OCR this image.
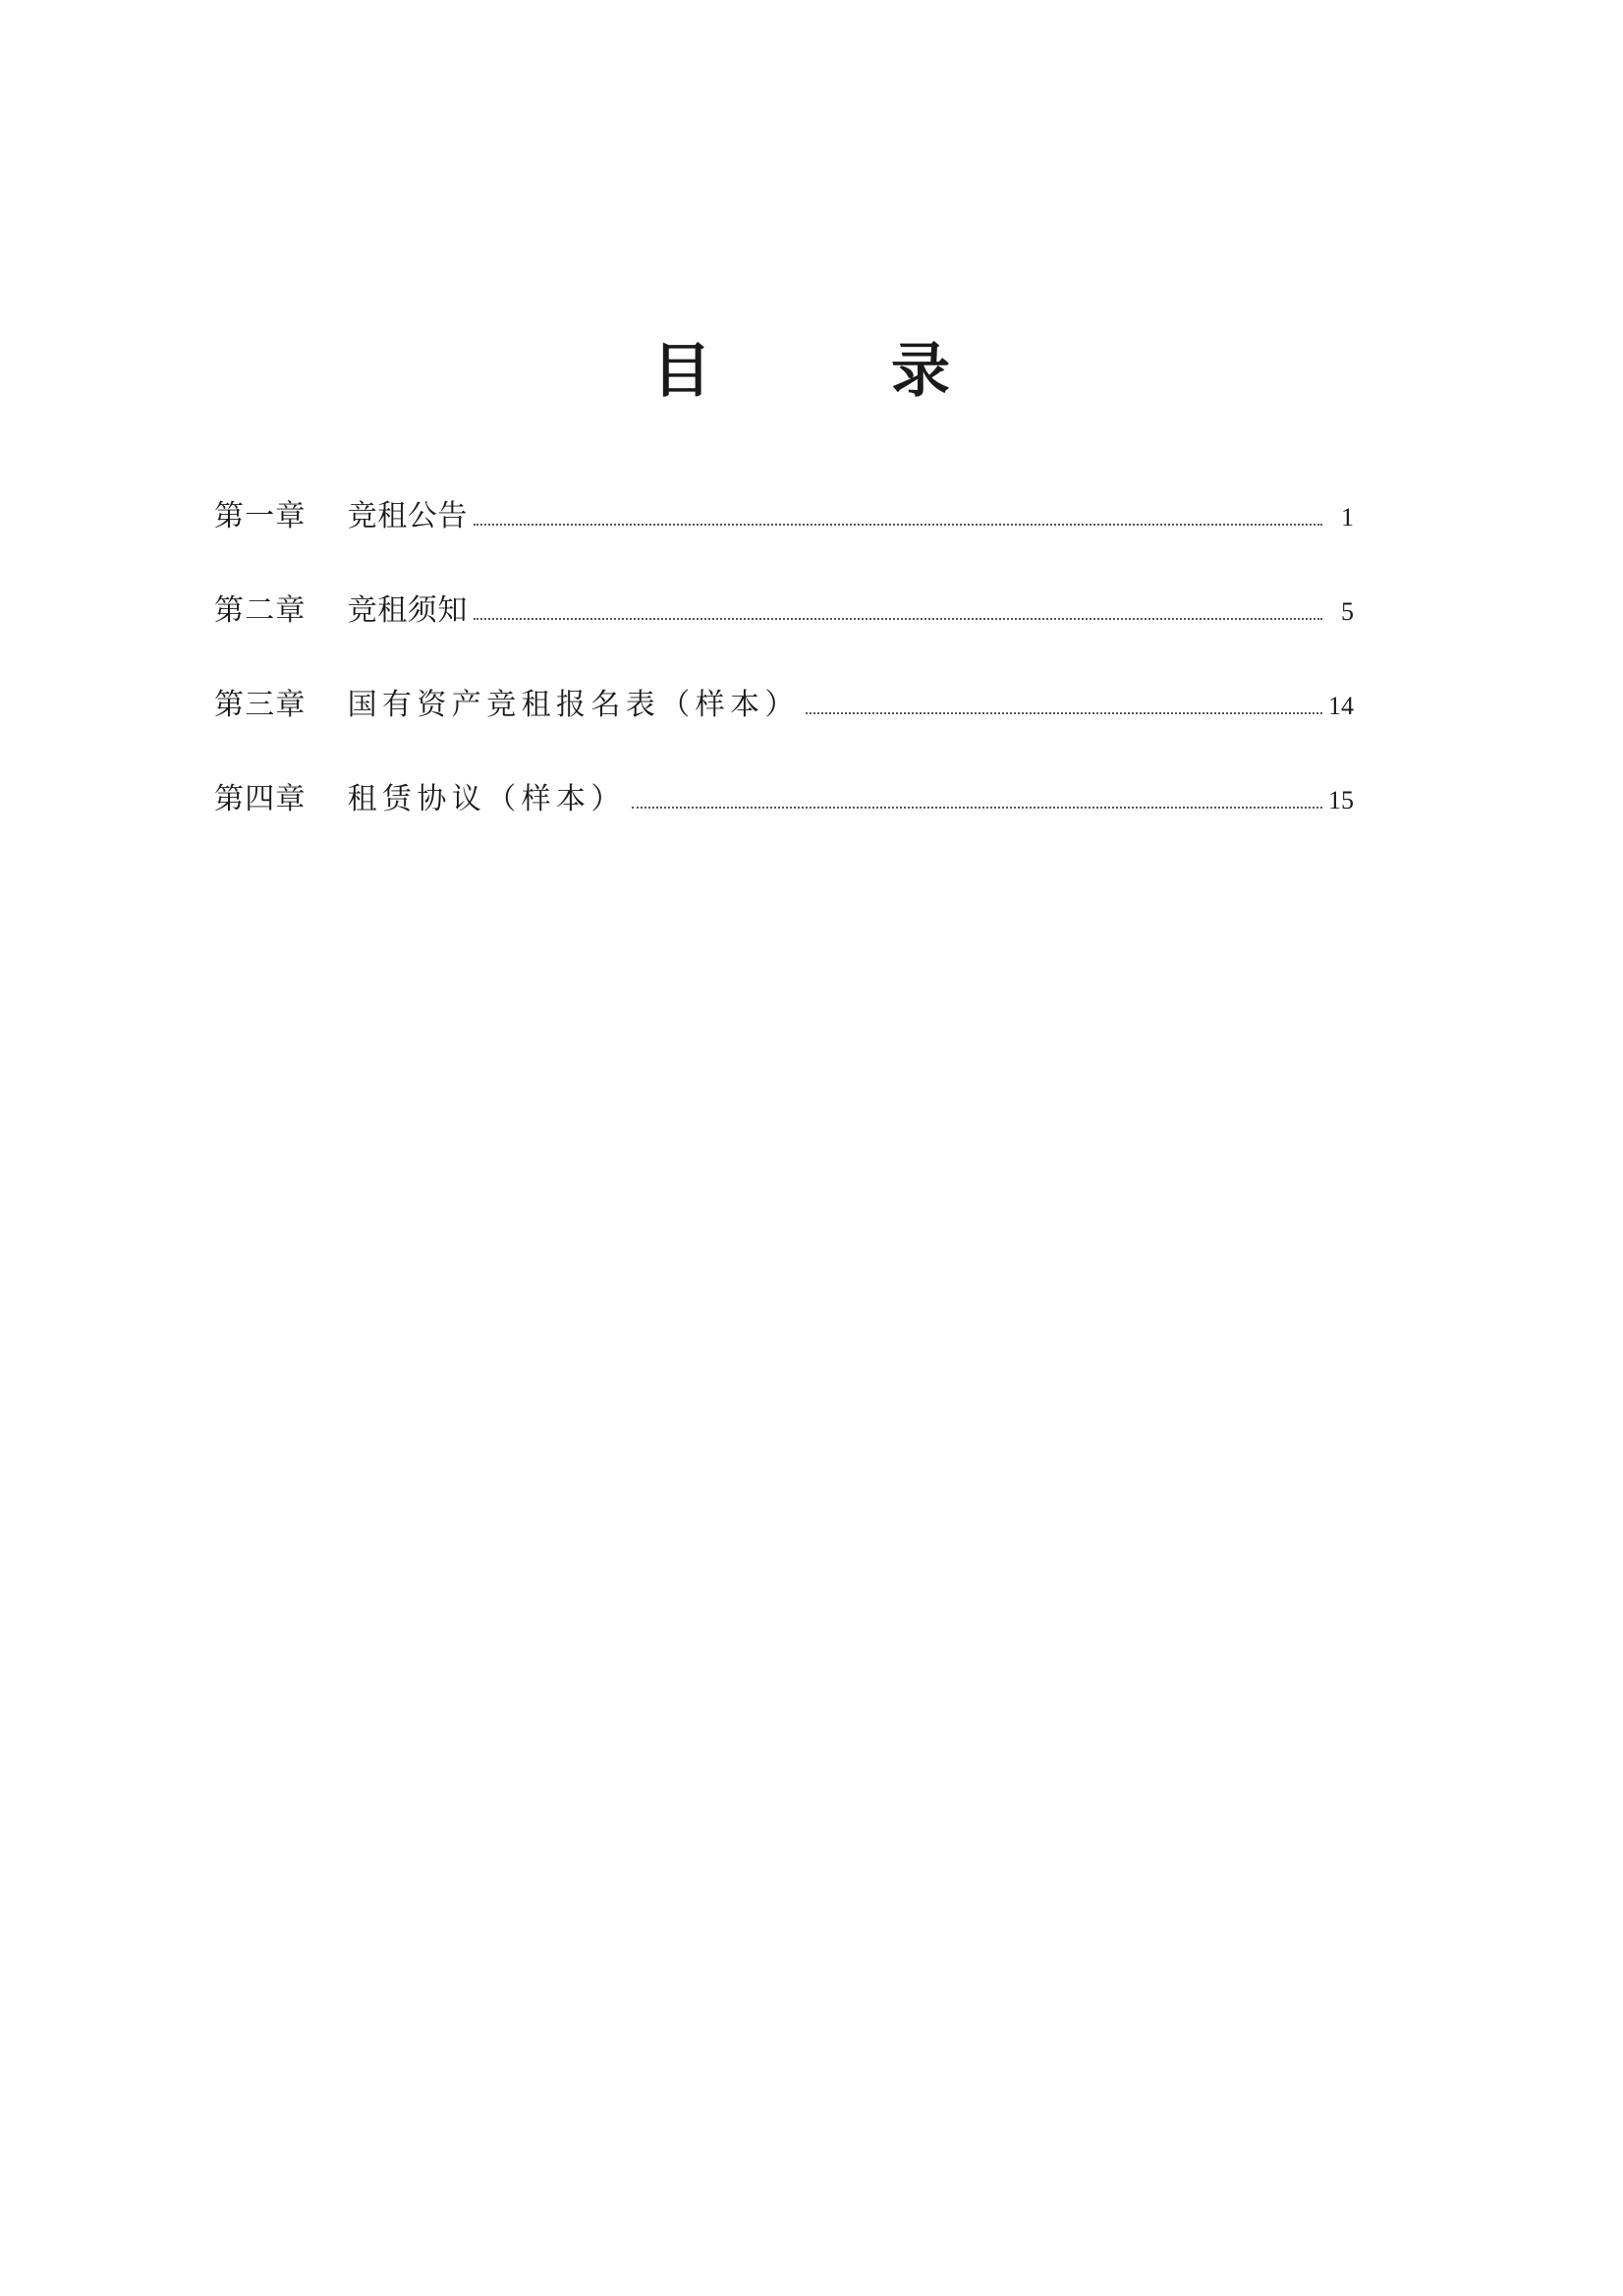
目　　录
第一章 竞租公告	1
第二章 竞租须知	5
第三章 国有资产竞租报名表（样本）	14
第四章 租赁协议（样本）	15
